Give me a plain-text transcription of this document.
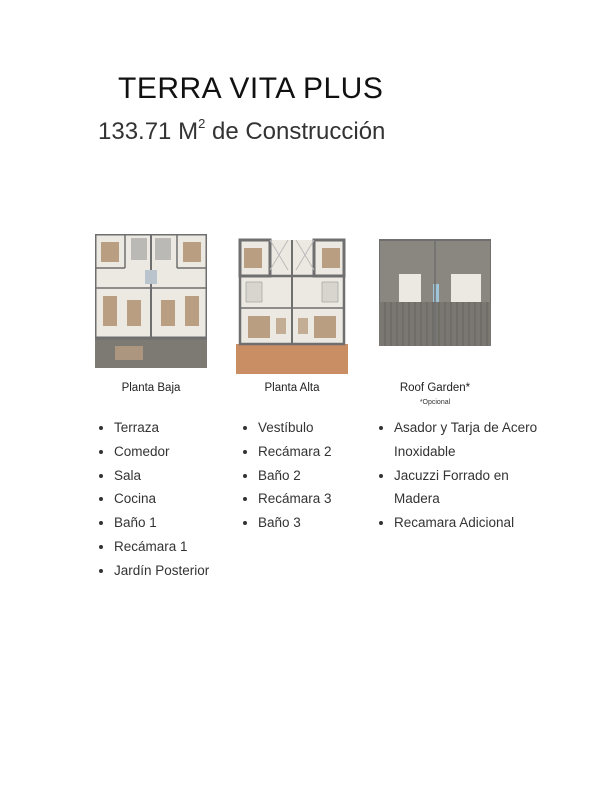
TERRA VITA PLUS
133.71 $M^2$ de Construcción
Planta Baja	Planta Alta	Roof Garden*
*Opcional
• Terraza
• Comedor
• Sala
• Cocina
• Baño 1
• Recámara 1
• Jardín Posterior
• Vestíbulo
• Recámara 2
• Baño 2
• Recámara 3
• Baño 3
• Asador y Tarja de Acero Inoxidable
• Jacuzzi Forrado en Madera
• Recamara Adicional
